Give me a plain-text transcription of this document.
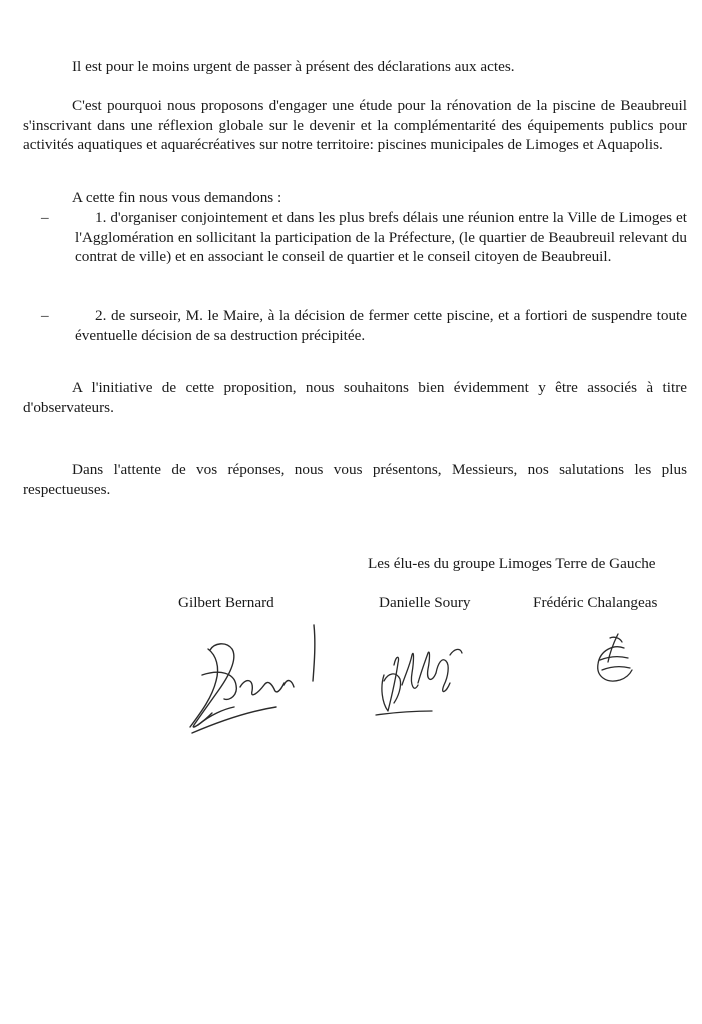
Il est pour le moins urgent de passer à présent des déclarations aux actes.

C'est pourquoi nous proposons d'engager une étude pour la rénovation de la piscine de Beaubreuil s'inscrivant dans une réflexion globale sur le devenir et la complémentarité des équipements publics pour activités aquatiques et aquarécréatives sur notre territoire: piscines municipales de Limoges et Aquapolis.

A cette fin nous vous demandons :

–	1. d'organiser conjointement et dans les plus brefs délais une réunion entre la Ville de Limoges et l'Agglomération en sollicitant la participation de la Préfecture, (le quartier de Beaubreuil relevant du contrat de ville) et en associant le conseil de quartier et le conseil citoyen de Beaubreuil.
–	2. de surseoir, M. le Maire, à la décision de fermer cette piscine, et a fortiori de suspendre toute éventuelle décision de sa destruction précipitée.

A l'initiative de cette proposition, nous souhaitons bien évidemment y être associés à titre d'observateurs.

Dans l'attente de vos réponses, nous vous présentons, Messieurs, nos salutations les plus respectueuses.

Les élu-es du groupe Limoges Terre de Gauche

Gilbert Bernard	Danielle Soury	Frédéric Chalangeas
